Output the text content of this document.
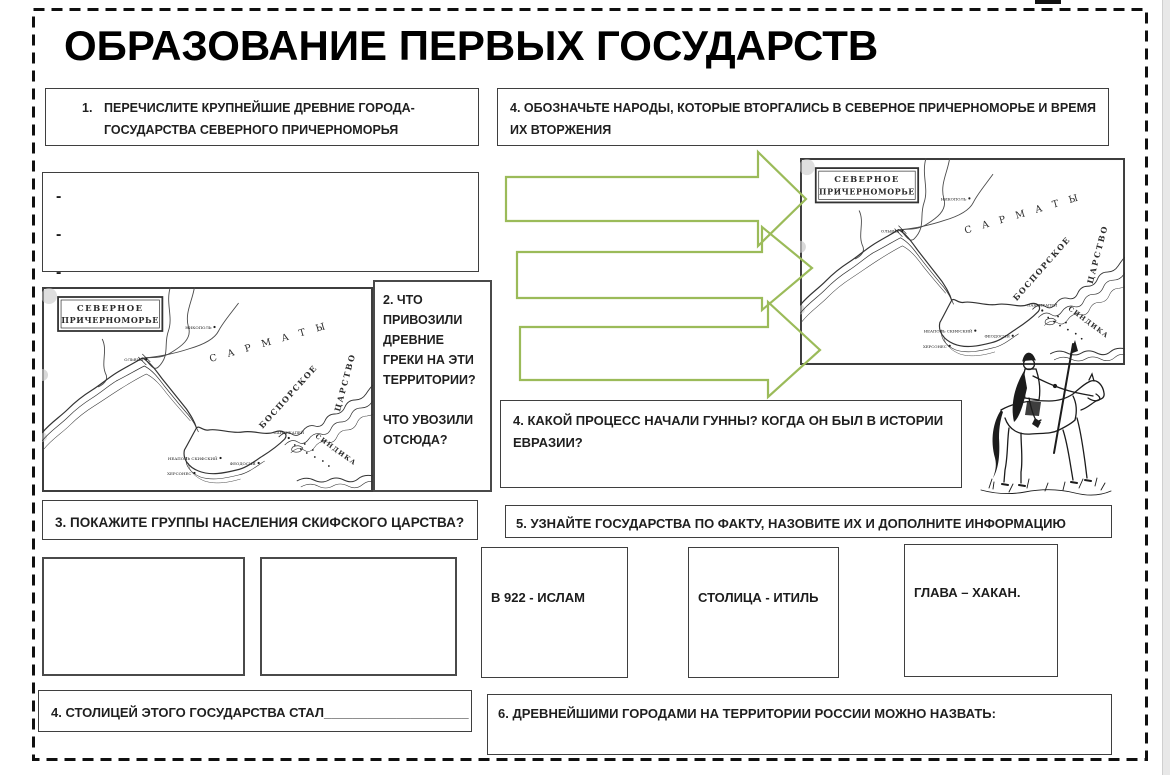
ОБРАЗОВАНИЕ ПЕРВЫХ ГОСУДАРСТВ
1. ПЕРЕЧИСЛИТЕ КРУПНЕЙШИЕ ДРЕВНИЕ ГОРОДА-ГОСУДАРСТВА СЕВЕРНОГО ПРИЧЕРНОМОРЬЯ
4. ОБОЗНАЧЬТЕ НАРОДЫ, КОТОРЫЕ ВТОРГАЛИСЬ В СЕВЕРНОЕ ПРИЧЕРНОМОРЬЕ И ВРЕМЯ ИХ ВТОРЖЕНИЯ
-
-
-
2. ЧТО ПРИВОЗИЛИ ДРЕВНИЕ ГРЕКИ НА ЭТИ ТЕРРИТОРИИ?
ЧТО УВОЗИЛИ ОТСЮДА?
4. КАКОЙ ПРОЦЕСС НАЧАЛИ ГУННЫ? КОГДА ОН БЫЛ В ИСТОРИИ ЕВРАЗИИ?
3. ПОКАЖИТЕ ГРУППЫ НАСЕЛЕНИЯ СКИФСКОГО ЦАРСТВА?	5. УЗНАЙТЕ ГОСУДАРСТВА ПО ФАКТУ, НАЗОВИТЕ ИХ И ДОПОЛНИТЕ ИНФОРМАЦИЮ
В 922 - ИСЛАМ	СТОЛИЦА - ИТИЛЬ	ГЛАВА – ХАКАН.
4. СТОЛИЦЕЙ ЭТОГО ГОСУДАРСТВА СТАЛ____________________	6. ДРЕВНЕЙШИМИ ГОРОДАМИ НА ТЕРРИТОРИИ РОССИИ МОЖНО НАЗВАТЬ:
